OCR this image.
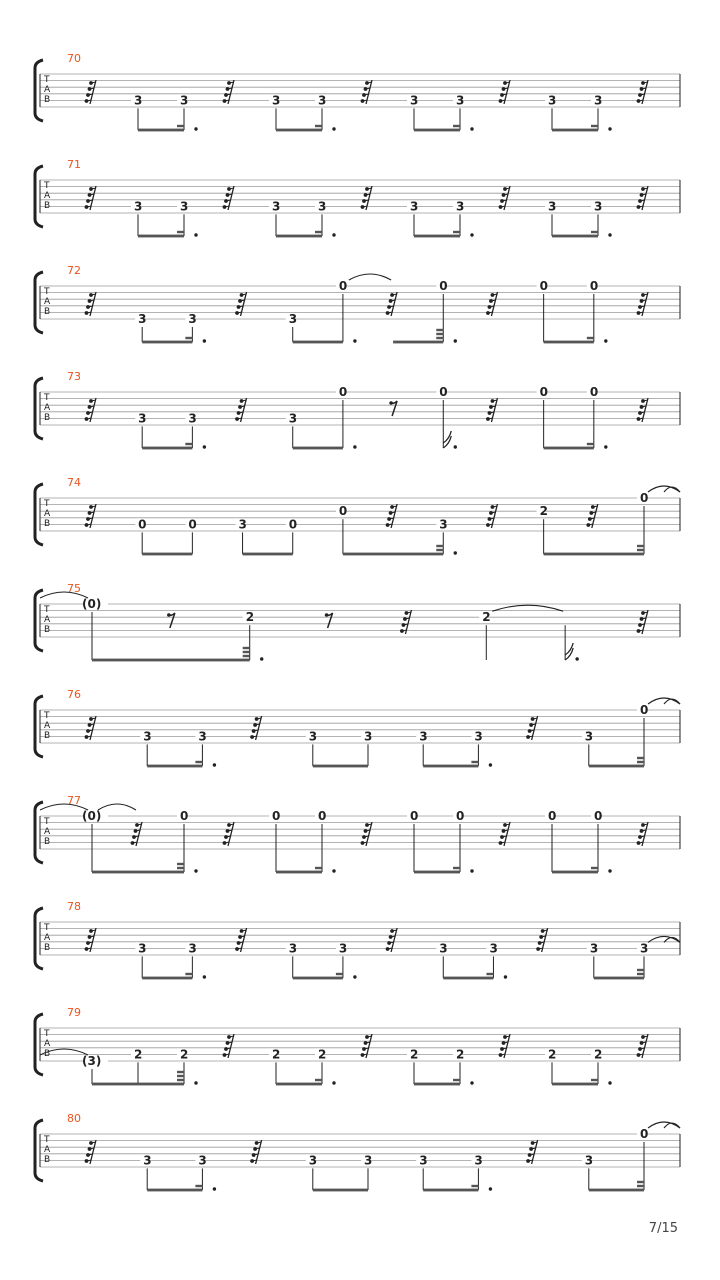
70
T
A
B	3	3	3	3	3	3	3	3
71
T
A
B	3	3	3	3	3	3	3	3
72
T
A
B	3	3	3
0	0	0	0
73
T
A
B	3	3	3
0	0	0	0
74
T
A
B	0	0	3	0
0
3
2
0
75
T
A
B
(0)
2	2
76
T
A
B	3	3	3	3	3	3	3
0
77
T
A
B
(0)	0	0	0	0	0	0	0
78
T
A
B	3	3	3	3	3	3	3	3
79
T
A
B	(3)	2	2	2	2	2	2	2	2
80
T
A
B	3	3	3	3	3	3	3
0
7/15
